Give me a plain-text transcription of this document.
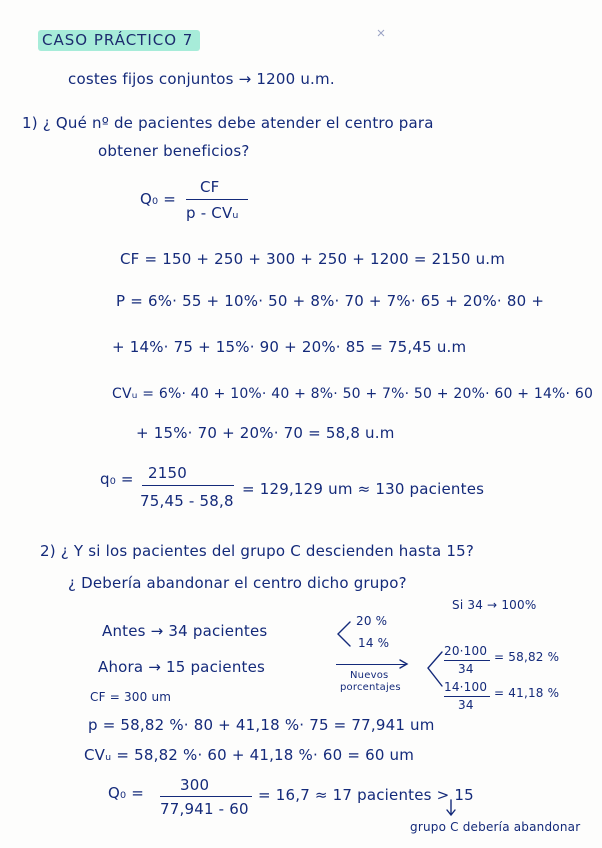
CASO PRÁCTICO 7
costes fijos conjuntos → 1200 u.m.
1) ¿ Qué nº de pacientes debe atender el centro para
obtener beneficios?
Q₀ =
CF
p - CVᵤ
CF = 150 + 250 + 300 + 250 + 1200 = 2150 u.m
P = 6%· 55 + 10%· 50 + 8%· 70 + 7%· 65 + 20%· 80 +
+ 14%· 75 + 15%· 90 + 20%· 85 = 75,45 u.m
CVᵤ = 6%· 40 + 10%· 40 + 8%· 50 + 7%· 50 + 20%· 60 + 14%· 60
+ 15%· 70 + 20%· 70 = 58,8 u.m
q₀ = 2150
75,45 - 58,8
= 129,129 um ≈ 130 pacientes
2) ¿ Y si los pacientes del grupo C descienden hasta 15?
¿ Debería abandonar el centro dicho grupo?
Si 34 → 100%
Antes → 34 pacientes
20 %
14 %
Ahora → 15 pacientes	Nuevos
porcentajes
20·100
34
= 58,82 %
14·100
34
= 41,18 %
CF = 300 um
p = 58,82 %· 80 + 41,18 %· 75 = 77,941 um
CVᵤ = 58,82 %· 60 + 41,18 %· 60 = 60 um
Q₀ = 300
77,941 - 60
= 16,7 ≈ 17 pacientes > 15
grupo C debería abandonar
